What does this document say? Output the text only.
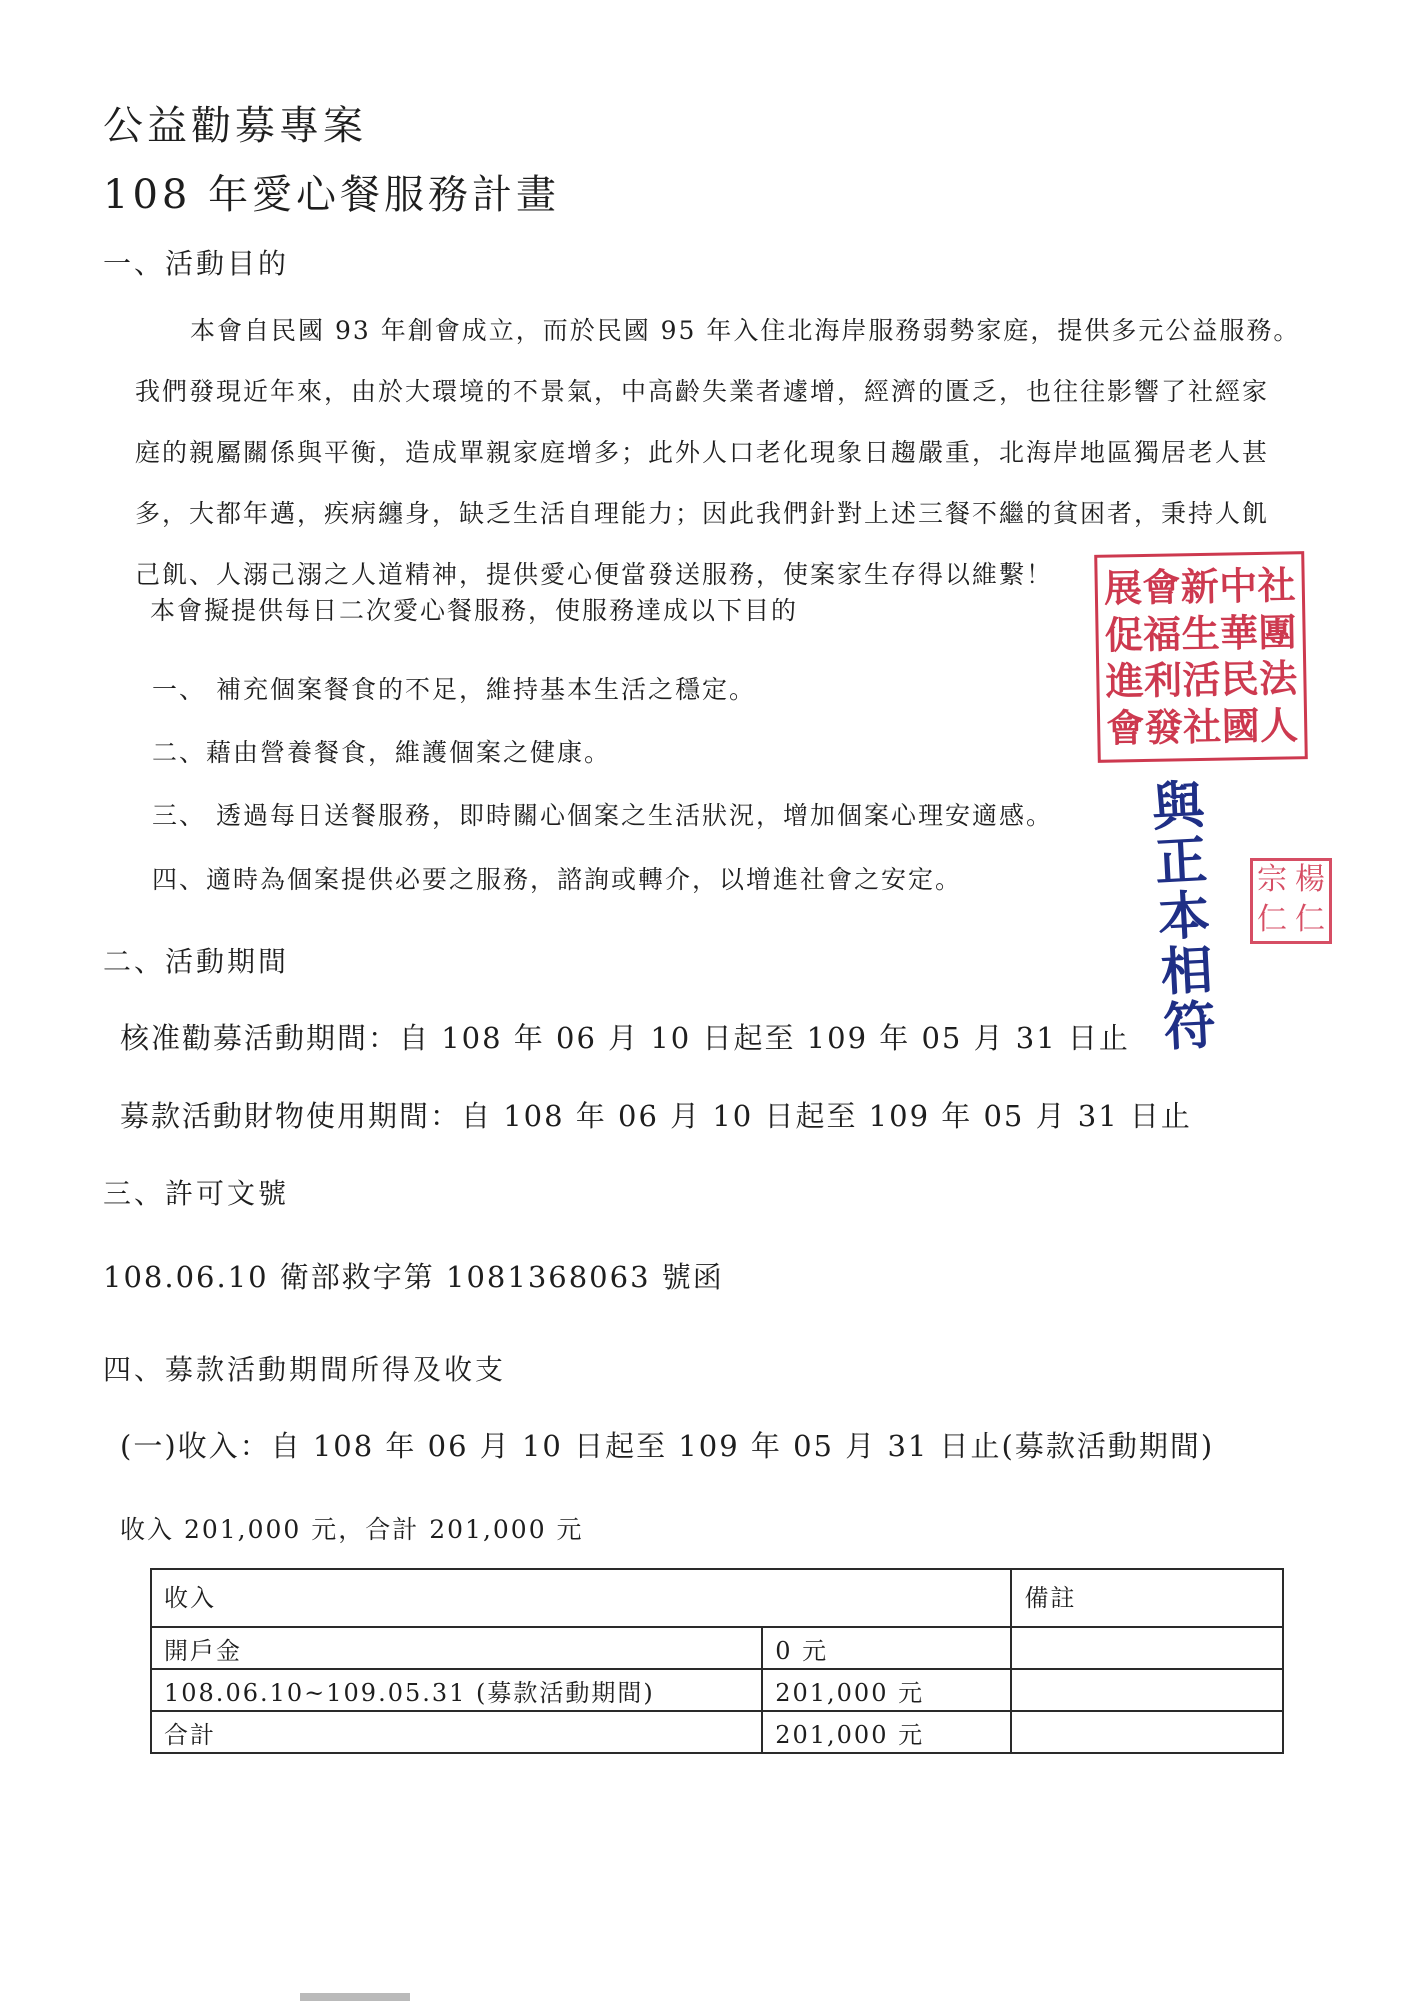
公益勸募專案
108 年愛心餐服務計畫
一、活動目的
本會自民國 93 年創會成立，而於民國 95 年入住北海岸服務弱勢家庭，提供多元公益服務。
我們發現近年來，由於大環境的不景氣，中高齡失業者遽增，經濟的匱乏，也往往影響了社經家
庭的親屬關係與平衡，造成單親家庭增多；此外人口老化現象日趨嚴重，北海岸地區獨居老人甚
多，大都年邁，疾病纏身，缺乏生活自理能力；因此我們針對上述三餐不繼的貧困者，秉持人飢
己飢、人溺己溺之人道精神，提供愛心便當發送服務，使案家生存得以維繫！
本會擬提供每日二次愛心餐服務，使服務達成以下目的
一、 補充個案餐食的不足，維持基本生活之穩定。
二、藉由營養餐食，維護個案之健康。
三、 透過每日送餐服務，即時關心個案之生活狀況，增加個案心理安適感。
四、適時為個案提供必要之服務，諮詢或轉介，以增進社會之安定。
二、活動期間
核准勸募活動期間：自 108 年 06 月 10 日起至 109 年 05 月 31 日止
募款活動財物使用期間：自 108 年 06 月 10 日起至 109 年 05 月 31 日止
三、許可文號
108.06.10 衛部救字第 1081368063 號函
四、募款活動期間所得及收支
(一)收入：自 108 年 06 月 10 日起至 109 年 05 月 31 日止(募款活動期間)
收入 201,000 元，合計 201,000 元
收入		備註
開戶金	0 元	
108.06.10~109.05.31 (募款活動期間)	201,000 元	
合計	201,000 元	
社
團
法
人
中
華
民
國
新
生
活
社
會
福
利
發
展
促
進
會
與
正
本
相
符
楊
仁
宗
仁
